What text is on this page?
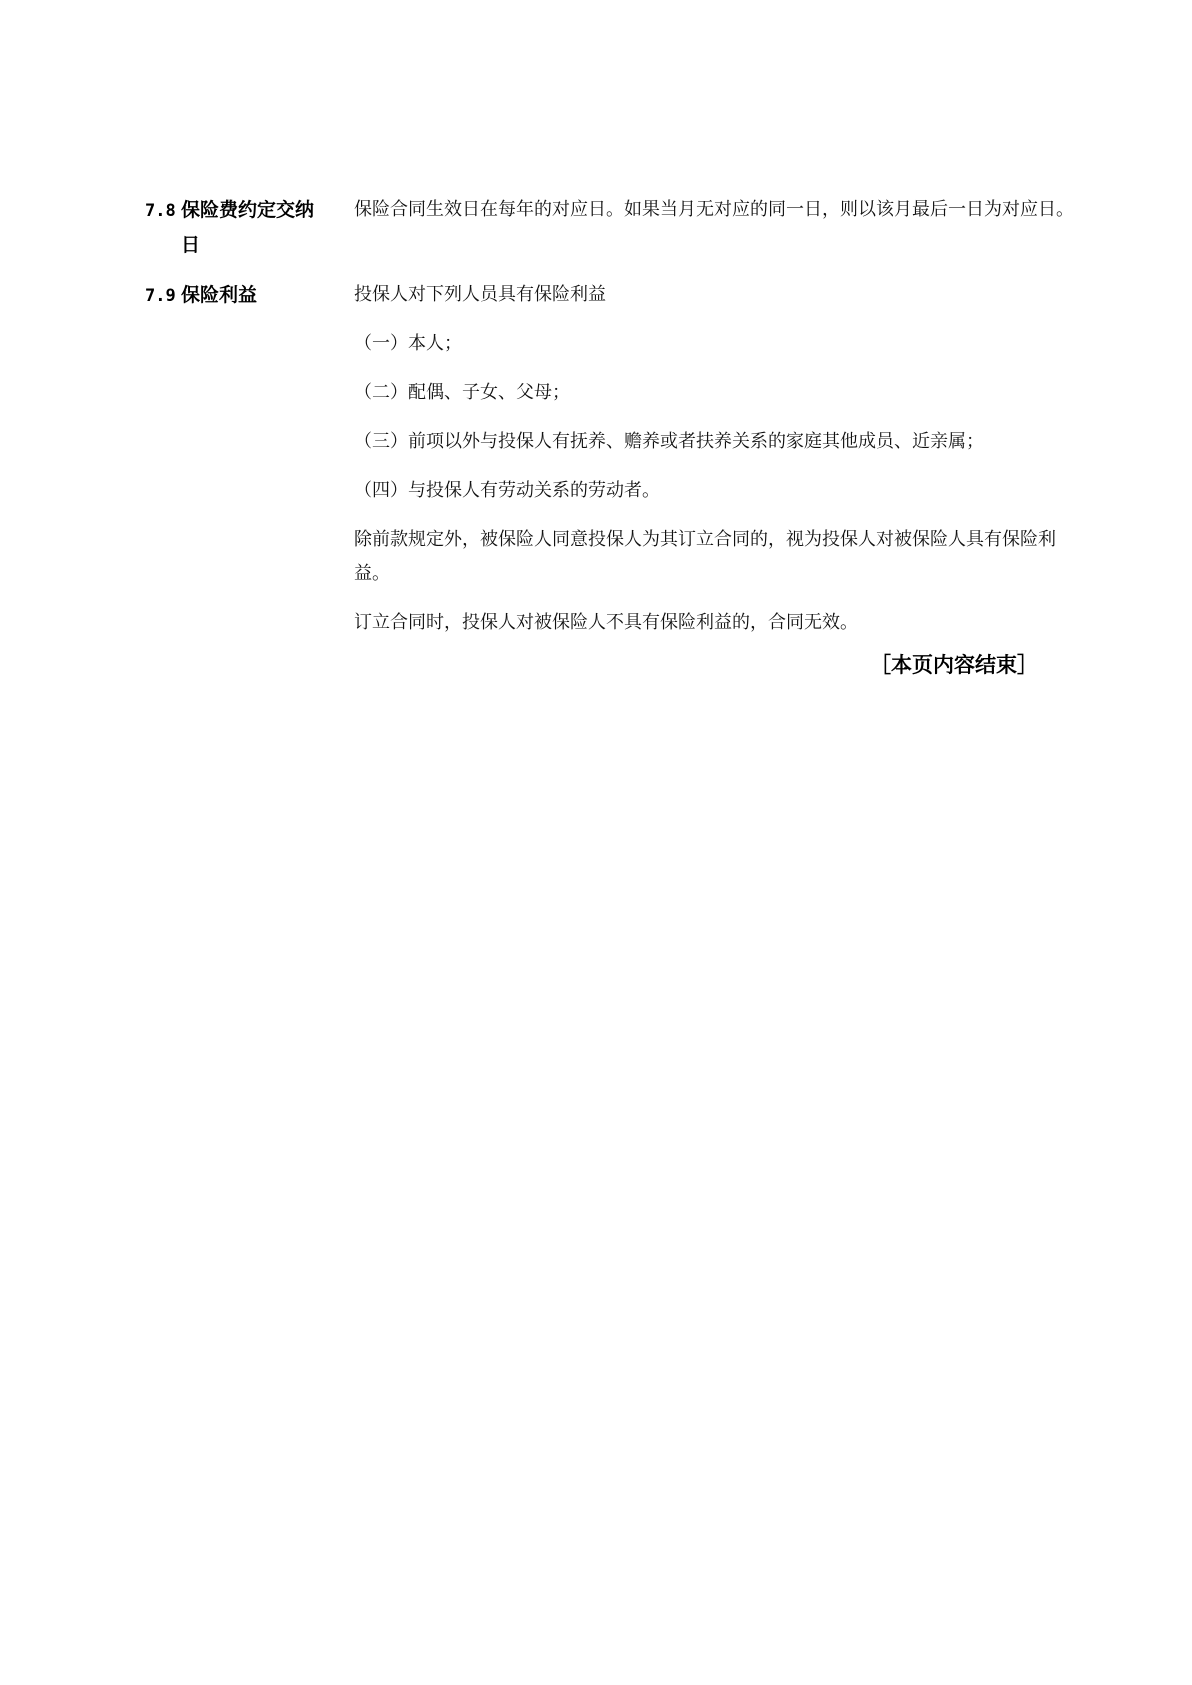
7.8 保险费约定交纳
日

保险合同生效日在每年的对应日。如果当月无对应的同一日，则以该月最后一日为对应日。

7.9 保险利益	投保人对下列人员具有保险利益

（一）本人；

（二）配偶、子女、父母；

（三）前项以外与投保人有抚养、赡养或者扶养关系的家庭其他成员、近亲属；

（四）与投保人有劳动关系的劳动者。

除前款规定外，被保险人同意投保人为其订立合同的，视为投保人对被保险人具有保险利益。

订立合同时，投保人对被保险人不具有保险利益的，合同无效。

［本页内容结束］
